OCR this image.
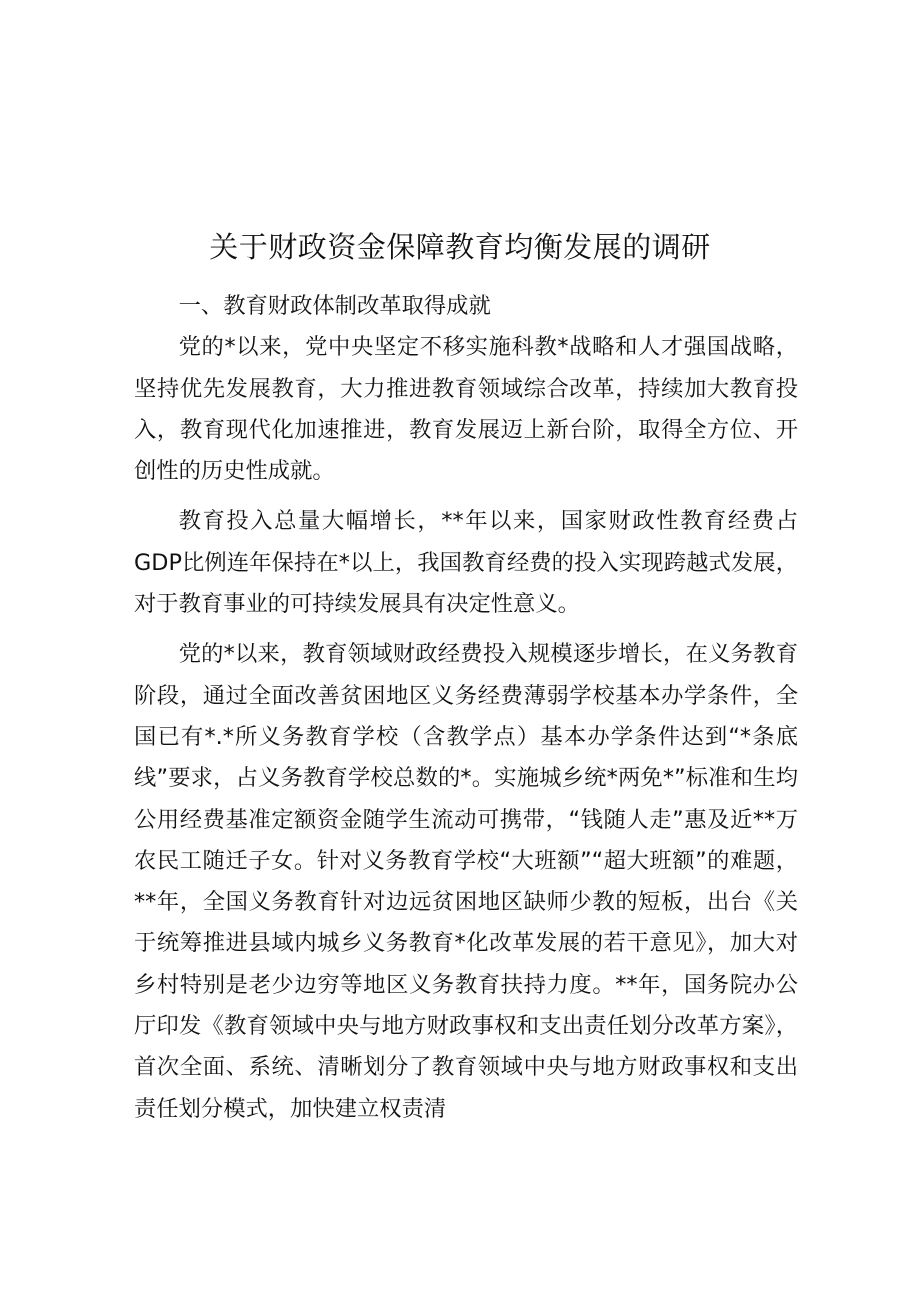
关于财政资金保障教育均衡发展的调研
一、教育财政体制改革取得成就

党的*以来，党中央坚定不移实施科教*战略和人才强国战略，坚持优先发展教育，大力推进教育领域综合改革，持续加大教育投入，教育现代化加速推进，教育发展迈上新台阶，取得全方位、开创性的历史性成就。

教育投入总量大幅增长，**年以来，国家财政性教育经费占GDP比例连年保持在*以上，我国教育经费的投入实现跨越式发展，对于教育事业的可持续发展具有决定性意义。

党的*以来，教育领域财政经费投入规模逐步增长，在义务教育阶段，通过全面改善贫困地区义务经费薄弱学校基本办学条件，全国已有*.*所义务教育学校（含教学点）基本办学条件达到“*条底线”要求，占义务教育学校总数的*。实施城乡统*两免*”标准和生均公用经费基准定额资金随学生流动可携带，“钱随人走”惠及近**万农民工随迁子女。针对义务教育学校“大班额”“超大班额”的难题，**年，全国义务教育针对边远贫困地区缺师少教的短板，出台《关于统筹推进县域内城乡义务教育*化改革发展的若干意见》，加大对乡村特别是老少边穷等地区义务教育扶持力度。**年，国务院办公厅印发《教育领域中央与地方财政事权和支出责任划分改革方案》，首次全面、系统、清晰划分了教育领域中央与地方财政事权和支出责任划分模式，加快建立权责清
